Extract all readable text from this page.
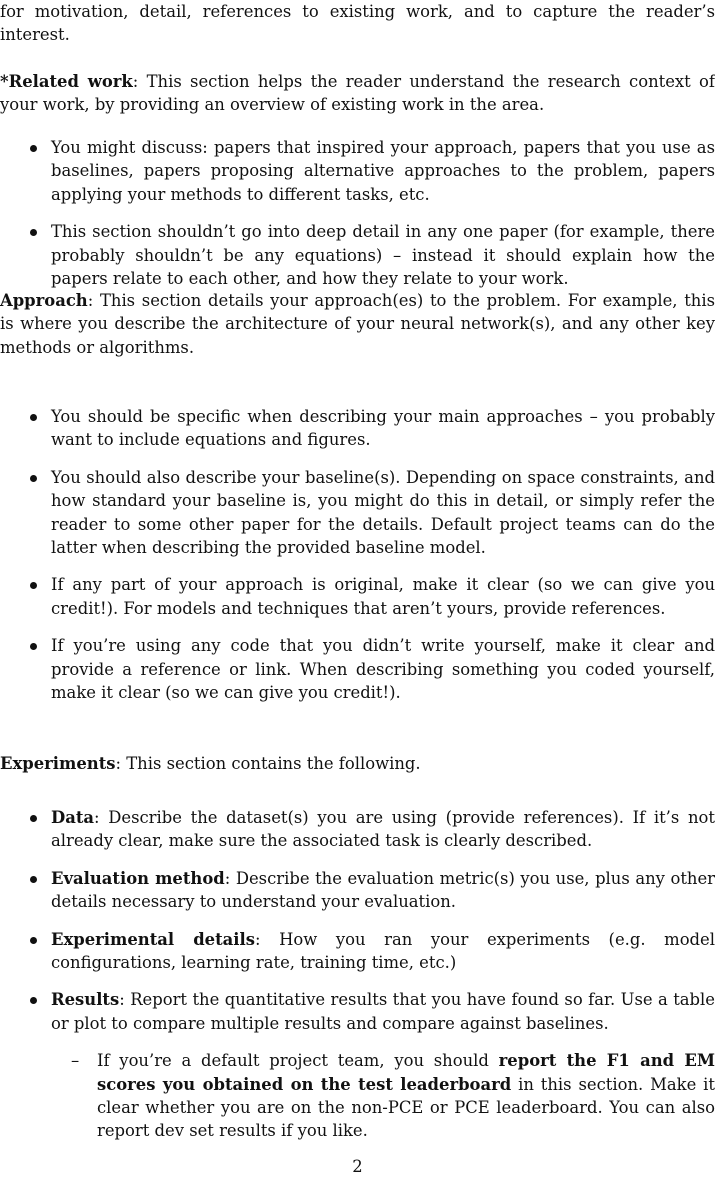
for motivation, detail, references to existing work, and to capture the reader’s interest.

*Related work: This section helps the reader understand the research context of your work, by providing an overview of existing work in the area.

You might discuss: papers that inspired your approach, papers that you use as baselines, papers proposing alternative approaches to the problem, papers applying your methods to different tasks, etc.
This section shouldn’t go into deep detail in any one paper (for example, there probably shouldn’t be any equations) – instead it should explain how the papers relate to each other, and how they relate to your work.

Approach: This section details your approach(es) to the problem. For example, this is where you describe the architecture of your neural network(s), and any other key methods or algorithms.

You should be specific when describing your main approaches – you probably want to include equations and figures.
You should also describe your baseline(s). Depending on space constraints, and how standard your baseline is, you might do this in detail, or simply refer the reader to some other paper for the details. Default project teams can do the latter when describing the provided baseline model.
If any part of your approach is original, make it clear (so we can give you credit!). For models and techniques that aren’t yours, provide references.
If you’re using any code that you didn’t write yourself, make it clear and provide a reference or link. When describing something you coded yourself, make it clear (so we can give you credit!).

Experiments: This section contains the following.

Data: Describe the dataset(s) you are using (provide references). If it’s not already clear, make sure the associated task is clearly described.
Evaluation method: Describe the evaluation metric(s) you use, plus any other details necessary to understand your evaluation.
Experimental details: How you ran your experiments (e.g. model configurations, learning rate, training time, etc.)
Results: Report the quantitative results that you have found so far. Use a table or plot to compare multiple results and compare against baselines.
– If you’re a default project team, you should report the F1 and EM scores you obtained on the test leaderboard in this section. Make it clear whether you are on the non-PCE or PCE leaderboard. You can also report dev set results if you like.
2
